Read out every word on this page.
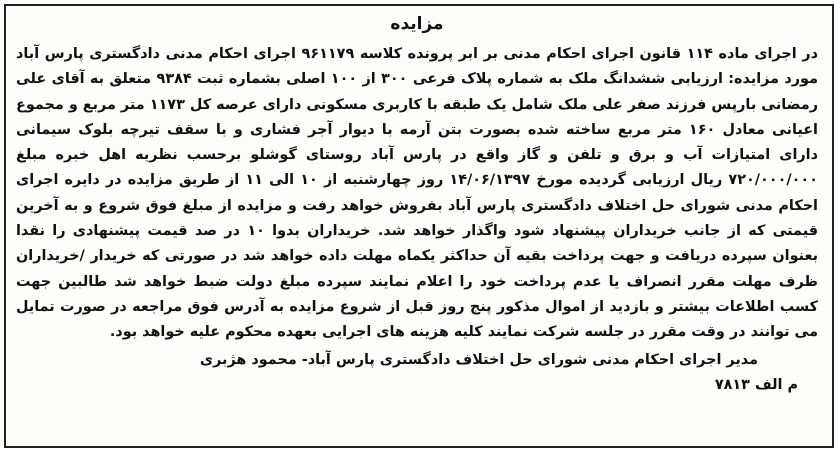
مزایده
در اجرای ماده ۱۱۴ قانون اجرای احکام مدنی بر ابر پرونده کلاسه ۹۶۱۱۷۹ اجرای احکام مدنی دادگستری پارس آباد مورد مزایده: ارزیابی ششدانگ ملک به شماره پلاک فرعی ۳۰۰ از ۱۰۰ اصلی بشماره ثبت ۹۳۸۴ متعلق به آقای علی رمضانی بارپس فرزند صفر علی ملک شامل یک طبقه با کاربری مسکونی دارای عرصه کل ۱۱۷۳ متر مربع و مجموع اعیانی معادل ۱۶۰ متر مربع ساخته شده بصورت بتن آرمه با دیوار آجر فشاری و با سقف تیرچه بلوک سیمانی دارای امتیازات آب و برق و تلفن و گاز واقع در پارس آباد روستای گوشلو برحسب نظریه اهل خبره مبلغ ۷۲۰/۰۰۰/۰۰۰ ریال ارزیابی گردیده مورخ ۱۴/۰۶/۱۳۹۷ روز چهارشنبه از ۱۰ الی ۱۱ از طریق مزایده در دایره اجرای احکام مدنی شورای حل اختلاف دادگستری پارس آباد بفروش خواهد رفت و مزایده از مبلغ فوق شروع و به آخرین قیمتی که از جانب خریداران پیشنهاد شود واگذار خواهد شد. خریداران بدوا ۱۰ در صد قیمت پیشنهادی را نقدا بعنوان سپرده دریافت و جهت پرداخت بقیه آن حداکثر یکماه مهلت داده خواهد شد در صورتی که خریدار /خریداران ظرف مهلت مقرر انصراف یا عدم پرداخت خود را اعلام نمایند سپرده مبلغ دولت ضبط خواهد شد طالبین جهت کسب اطلاعات بیشتر و بازدید از اموال مذکور پنج روز قبل از شروع مزایده به آدرس فوق مراجعه در صورت تمایل می توانند در وقت مقرر در جلسه شرکت نمایند کلیه هزینه های اجرایی بعهده محکوم علیه خواهد بود.
مدیر اجرای احکام مدنی شورای حل اختلاف دادگستری پارس آباد- محمود هژبری
م الف ۷۸۱۳
